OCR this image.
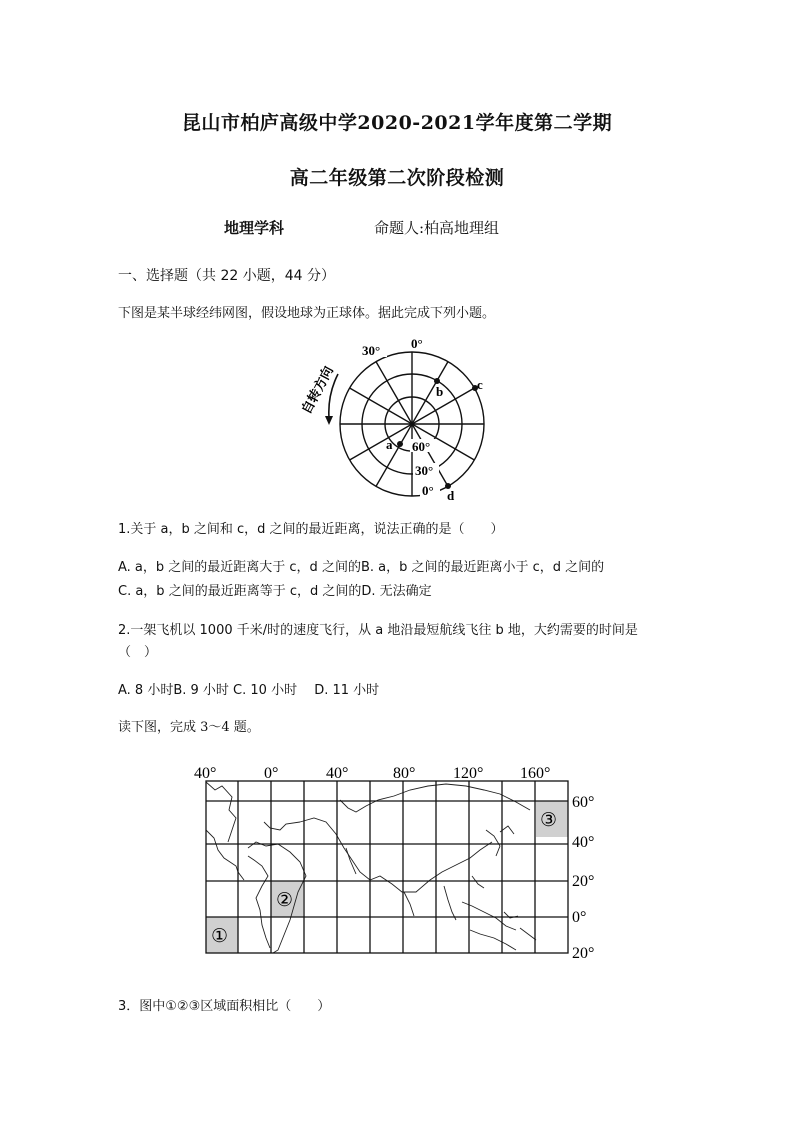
昆山市柏庐高级中学2020-2021学年度第二学期
高二年级第二次阶段检测
地理学科	命题人:柏高地理组
一、选择题（共 22 小题，44 分）
下图是某半球经纬网图，假设地球为正球体。据此完成下列小题。
自转方向
0°
30°
60°
30°
0°
a
b	c
d
1.关于 a，b 之间和 c，d 之间的最近距离，说法正确的是（　　）
A. a，b 之间的最近距离大于 c，d 之间的B. a，b 之间的最近距离小于 c，d 之间的
C. a，b 之间的最近距离等于 c，d 之间的D. 无法确定
2.一架飞机以 1000 千米/时的速度飞行，从 a 地沿最短航线飞往 b 地，大约需要的时间是
（　）
A. 8 小时B. 9 小时 C. 10 小时　 D. 11 小时
读下图，完成 3～4 题。
40°	0°	40°	80° 120° 160°
60°
40°
20°
0°
20°
①
②
③
3．图中①②③区域面积相比（　　）
